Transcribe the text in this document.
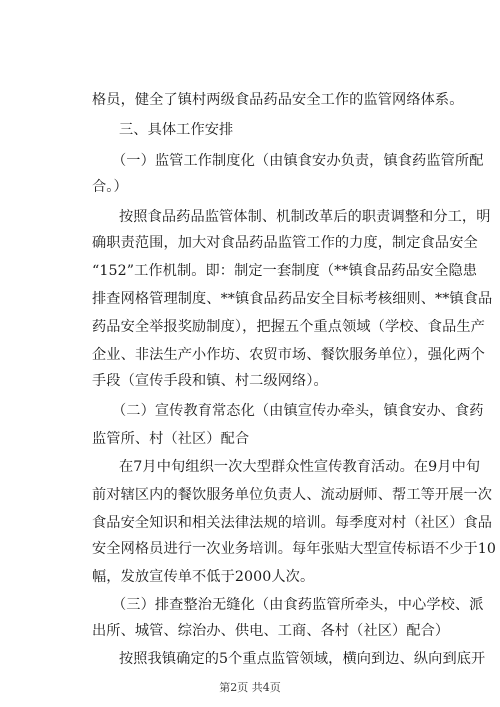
格员，健全了镇村两级食品药品安全工作的监管网络体系。
三、具体工作安排
（一）监管工作制度化（由镇食安办负责，镇食药监管所配
合。）
按照食品药品监管体制、机制改革后的职责调整和分工，明
确职责范围，加大对食品药品监管工作的力度，制定食品安全
“152”工作机制。即：制定一套制度（**镇食品药品安全隐患
排查网格管理制度、**镇食品药品安全目标考核细则、**镇食品
药品安全举报奖励制度），把握五个重点领域（学校、食品生产
企业、非法生产小作坊、农贸市场、餐饮服务单位），强化两个
手段（宣传手段和镇、村二级网络）。
（二）宣传教育常态化（由镇宣传办牵头，镇食安办、食药
监管所、村（社区）配合
在7月中旬组织一次大型群众性宣传教育活动。在9月中旬
前对辖区内的餐饮服务单位负责人、流动厨师、帮工等开展一次
食品安全知识和相关法律法规的培训。每季度对村（社区）食品
安全网格员进行一次业务培训。每年张贴大型宣传标语不少于10
幅，发放宣传单不低于2000人次。
（三）排查整治无缝化（由食药监管所牵头，中心学校、派
出所、城管、综治办、供电、工商、各村（社区）配合）
按照我镇确定的5个重点监管领域，横向到边、纵向到底开
第2页 共4页
